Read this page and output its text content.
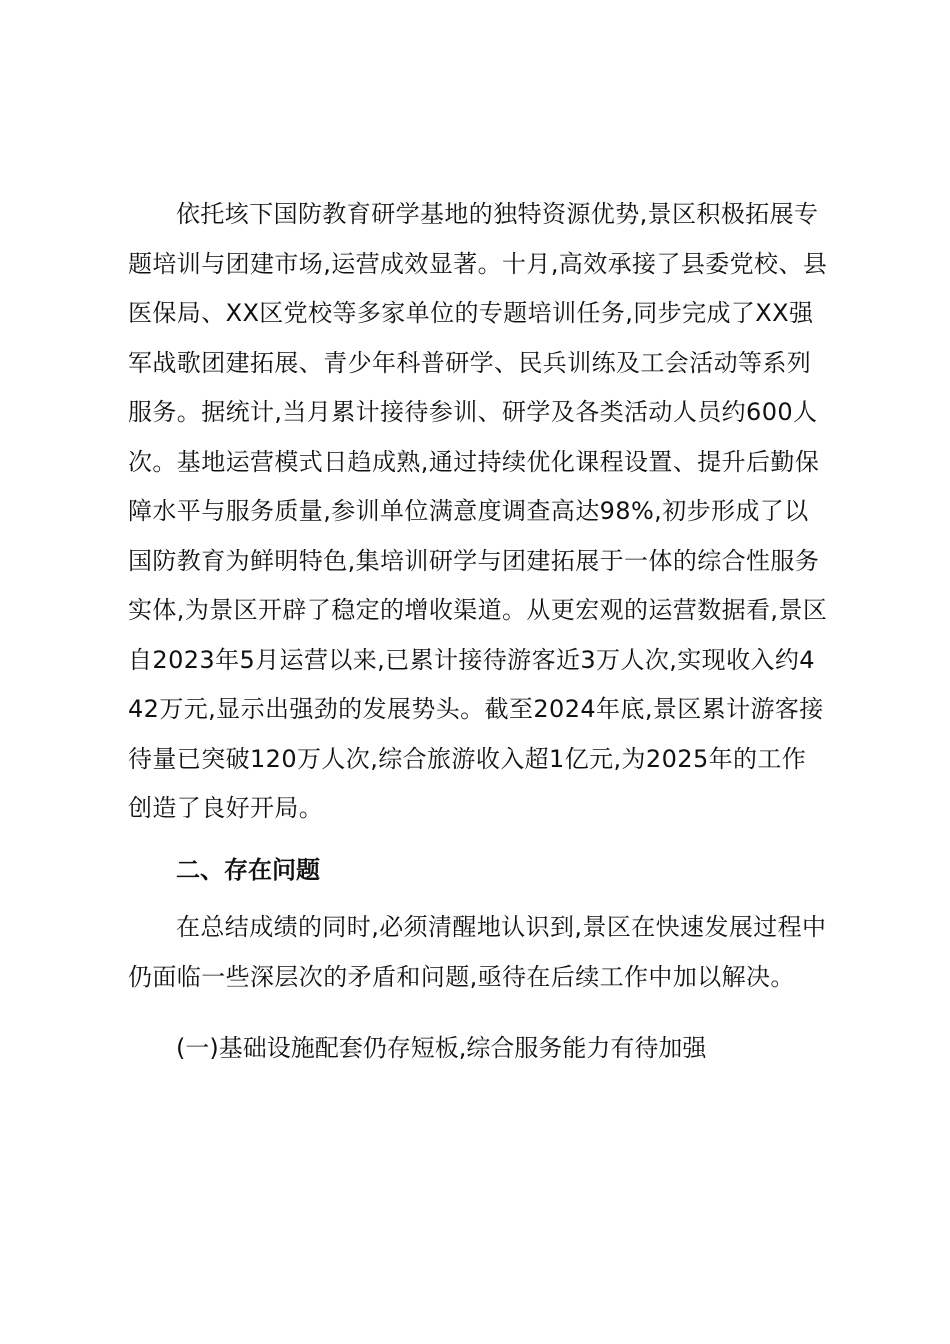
依托垓下国防教育研学基地的独特资源优势,景区积极拓展专题培训与团建市场,运营成效显著。十月,高效承接了县委党校、县医保局、XX区党校等多家单位的专题培训任务,同步完成了XX强军战歌团建拓展、青少年科普研学、民兵训练及工会活动等系列服务。据统计,当月累计接待参训、研学及各类活动人员约600人次。基地运营模式日趋成熟,通过持续优化课程设置、提升后勤保障水平与服务质量,参训单位满意度调查高达98%,初步形成了以国防教育为鲜明特色,集培训研学与团建拓展于一体的综合性服务实体,为景区开辟了稳定的增收渠道。从更宏观的运营数据看,景区自2023年5月运营以来,已累计接待游客近3万人次,实现收入约442万元,显示出强劲的发展势头。截至2024年底,景区累计游客接待量已突破120万人次,综合旅游收入超1亿元,为2025年的工作创造了良好开局。

二、存在问题

在总结成绩的同时,必须清醒地认识到,景区在快速发展过程中仍面临一些深层次的矛盾和问题,亟待在后续工作中加以解决。

(一)基础设施配套仍存短板,综合服务能力有待加强
